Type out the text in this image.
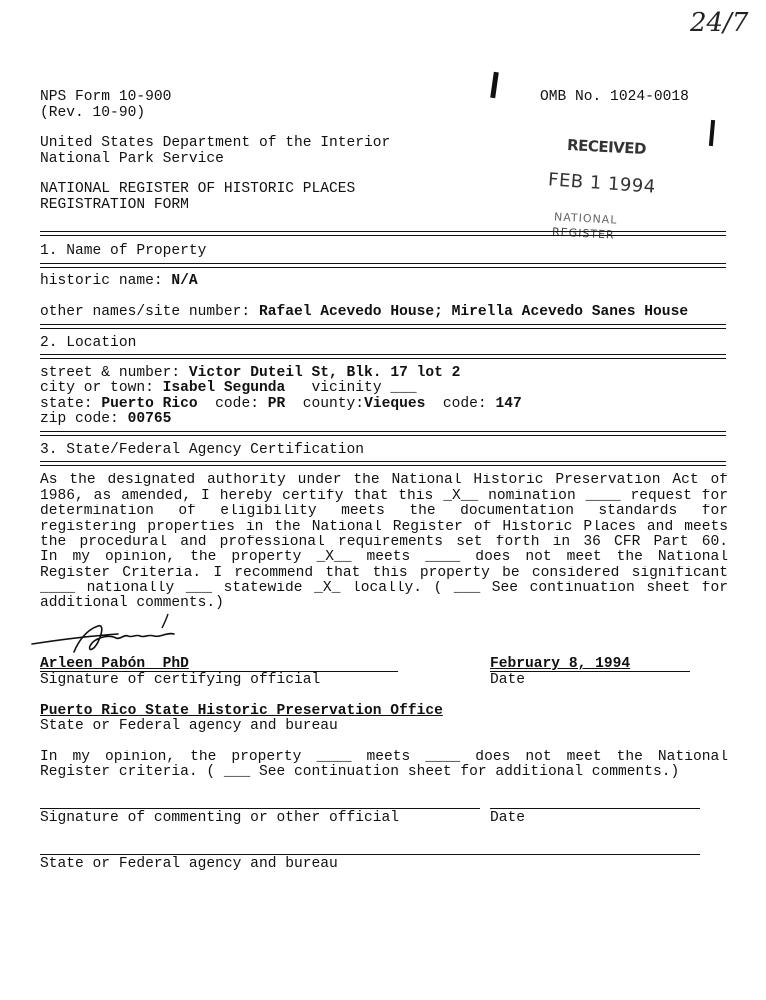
24/7
NPS Form 10-900
(Rev. 10-90)
OMB No. 1024-0018
United States Department of the Interior
National Park Service
NATIONAL REGISTER OF HISTORIC PLACES
REGISTRATION FORM
RECEIVED
FEB 1 1994
NATIONAL
REGISTER
1. Name of Property
historic name: N/A
other names/site number: Rafael Acevedo House; Mirella Acevedo Sanes House
2. Location
street & number: Victor Duteil St, Blk. 17 lot 2
city or town: Isabel Segunda vicinity ___
state: Puerto Rico code: PR county:Vieques code: 147
zip code: 00765
3. State/Federal Agency Certification
As the designated authority under the National Historic Preservation Act of
1986, as amended, I hereby certify that this _X__ nomination ____ request for
determination of eligibility meets the documentation standards for
registering properties in the National Register of Historic Places and meets
the procedural and professional requirements set forth in 36 CFR Part 60.
In my opinion, the property _X__ meets ____ does not meet the National
Register Criteria. I recommend that this property be considered significant
____ nationally ___ statewide _X_ locally. ( ___ See continuation sheet for
additional comments.)
Arleen Pabón  PhD
Signature of certifying official
February 8, 1994
Date
Puerto Rico State Historic Preservation Office
State or Federal agency and bureau
In my opinion, the property ____ meets ____ does not meet the National
Register criteria. ( ___ See continuation sheet for additional comments.)
Signature of commenting or other official	Date
State or Federal agency and bureau
